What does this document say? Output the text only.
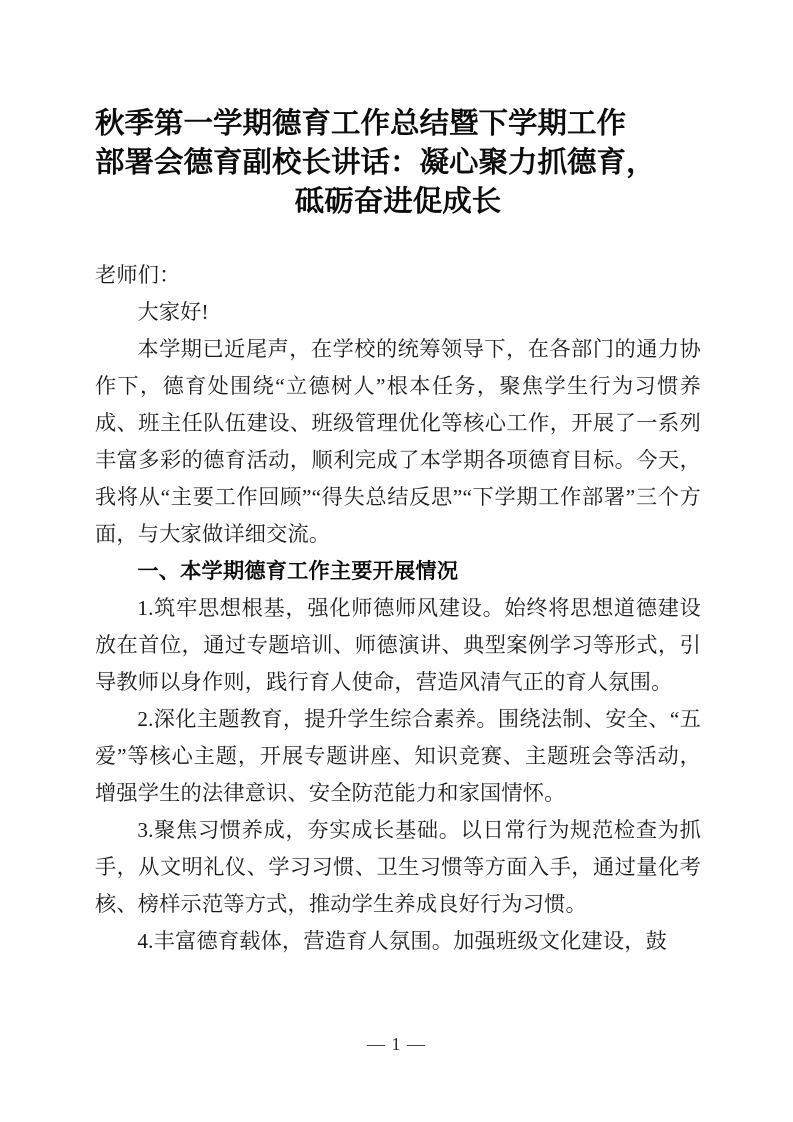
秋季第一学期德育工作总结暨下学期工作
部署会德育副校长讲话：凝心聚力抓德育，
砥砺奋进促成长

老师们：

大家好!

本学期已近尾声，在学校的统筹领导下，在各部门的通力协作下，德育处围绕“立德树人”根本任务，聚焦学生行为习惯养成、班主任队伍建设、班级管理优化等核心工作，开展了一系列丰富多彩的德育活动，顺利完成了本学期各项德育目标。今天，我将从“主要工作回顾”“得失总结反思”“下学期工作部署”三个方面，与大家做详细交流。

一、本学期德育工作主要开展情况

1.筑牢思想根基，强化师德师风建设。始终将思想道德建设放在首位，通过专题培训、师德演讲、典型案例学习等形式，引导教师以身作则，践行育人使命，营造风清气正的育人氛围。

2.深化主题教育，提升学生综合素养。围绕法制、安全、“五爱”等核心主题，开展专题讲座、知识竞赛、主题班会等活动，增强学生的法律意识、安全防范能力和家国情怀。

3.聚焦习惯养成，夯实成长基础。以日常行为规范检查为抓手，从文明礼仪、学习习惯、卫生习惯等方面入手，通过量化考核、榜样示范等方式，推动学生养成良好行为习惯。

4.丰富德育载体，营造育人氛围。加强班级文化建设，鼓

— 1 —
